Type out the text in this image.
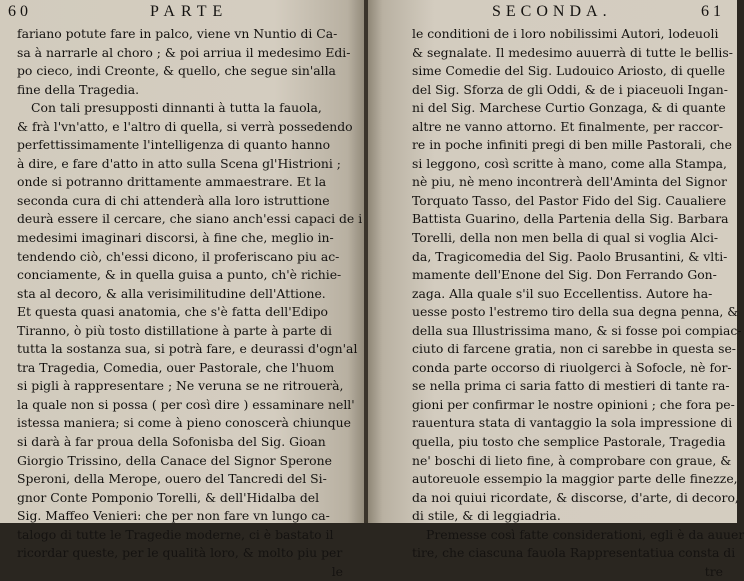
60	PARTE
fariano potute fare in palco, viene vn Nuntio di Ca-
sa à narrarle al choro ; & poi arriua il medesimo Edi-
po cieco, indi Creonte, & quello, che segue sin'alla
fine della Tragedia.
Con tali presupposti dinnanti à tutta la fauola,
& frà l'vn'atto, e l'altro di quella, si verrà possedendo
perfettissimamente l'intelligenza di quanto hanno
à dire, e fare d'atto in atto sulla Scena gl'Histrioni ;
onde si potranno drittamente ammaestrare. Et la
seconda cura di chi attenderà alla loro istruttione
deurà essere il cercare, che siano anch'essi capaci de i
medesimi imaginari discorsi, à fine che, meglio in-
tendendo ciò, ch'essi dicono, il proferiscano piu ac-
conciamente, & in quella guisa a punto, ch'è richie-
sta al decoro, & alla verisimilitudine dell'Attione.
Et questa quasi anatomia, che s'è fatta dell'Edipo
Tiranno, ò più tosto distillatione à parte à parte di
tutta la sostanza sua, si potrà fare, e deurassi d'ogn'al
tra Tragedia, Comedia, ouer Pastorale, che l'huom
si pigli à rappresentare ; Ne veruna se ne ritrouerà,
la quale non si possa ( per così dire ) essaminare nell'
istessa maniera; si come à pieno conoscerà chiunque
si darà à far proua della Sofonisba del Sig. Gioan
Giorgio Trissino, della Canace del Signor Sperone
Speroni, della Merope, ouero del Tancredi del Si-
gnor Conte Pomponio Torelli, & dell'Hidalba del
Sig. Maffeo Venieri: che per non fare vn lungo ca-
talogo di tutte le Tragedie moderne, ci è bastato il
ricordar queste, per le qualità loro, & molto piu per
le
SECONDA.	61
le conditioni de i loro nobilissimi Autori, lodeuoli
& segnalate. Il medesimo auuerrà di tutte le bellis-
sime Comedie del Sig. Ludouico Ariosto, di quelle
del Sig. Sforza de gli Oddi, & de i piaceuoli Ingan-
ni del Sig. Marchese Curtio Gonzaga, & di quante
altre ne vanno attorno. Et finalmente, per raccor-
re in poche infiniti pregi di ben mille Pastorali, che
si leggono, così scritte à mano, come alla Stampa,
nè piu, nè meno incontrerà dell'Aminta del Signor
Torquato Tasso, del Pastor Fido del Sig. Caualiere
Battista Guarino, della Partenia della Sig. Barbara
Torelli, della non men bella di qual si voglia Alci-
da, Tragicomedia del Sig. Paolo Brusantini, & vlti-
mamente dell'Enone del Sig. Don Ferrando Gon-
zaga. Alla quale s'il suo Eccellentiss. Autore ha-
uesse posto l'estremo tiro della sua degna penna, &
della sua Illustrissima mano, & si fosse poi compiac-
ciuto di farcene gratia, non ci sarebbe in questa se-
conda parte occorso di riuolgerci à Sofocle, nè for-
se nella prima ci saria fatto di mestieri di tante ra-
gioni per confirmar le nostre opinioni ; che fora pe-
rauentura stata di vantaggio la sola impressione di
quella, piu tosto che semplice Pastorale, Tragedia
ne' boschi di lieto fine, à comprobare con graue, &
autoreuole essempio la maggior parte delle finezze,
da noi quiui ricordate, & discorse, d'arte, di decoro,
di stile, & di leggiadria.
Premesse così fatte considerationi, egli è da auuer
tire, che ciascuna fauola Rappresentatiua consta di
tre
